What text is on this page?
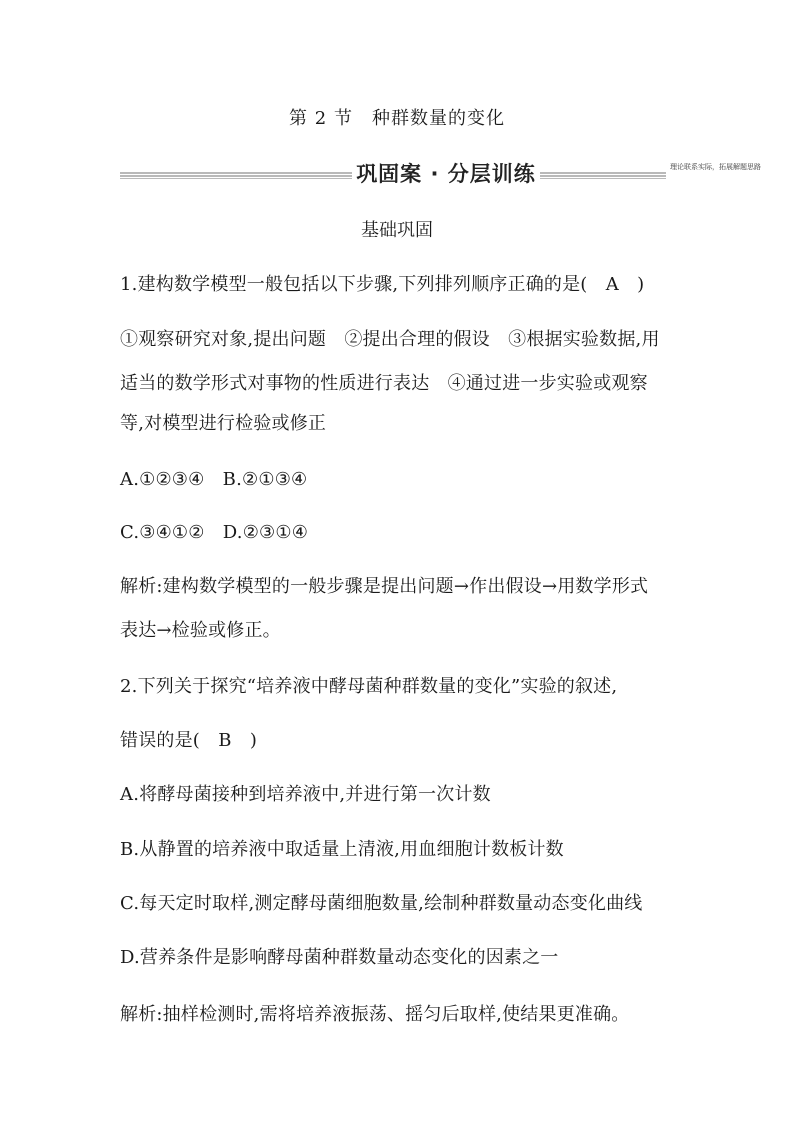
第 2 节　种群数量的变化
巩固案 · 分层训练	理论联系实际，拓展解题思路
基础巩固
1.建构数学模型一般包括以下步骤,下列排列顺序正确的是(　A　)
①观察研究对象,提出问题　②提出合理的假设　③根据实验数据,用
适当的数学形式对事物的性质进行表达　④通过进一步实验或观察
等,对模型进行检验或修正
A.①②③④　B.②①③④
C.③④①②　D.②③①④
解析:建构数学模型的一般步骤是提出问题→作出假设→用数学形式
表达→检验或修正。
2.下列关于探究“培养液中酵母菌种群数量的变化”实验的叙述,
错误的是(　B　)
A.将酵母菌接种到培养液中,并进行第一次计数
B.从静置的培养液中取适量上清液,用血细胞计数板计数
C.每天定时取样,测定酵母菌细胞数量,绘制种群数量动态变化曲线
D.营养条件是影响酵母菌种群数量动态变化的因素之一
解析:抽样检测时,需将培养液振荡、摇匀后取样,使结果更准确。
